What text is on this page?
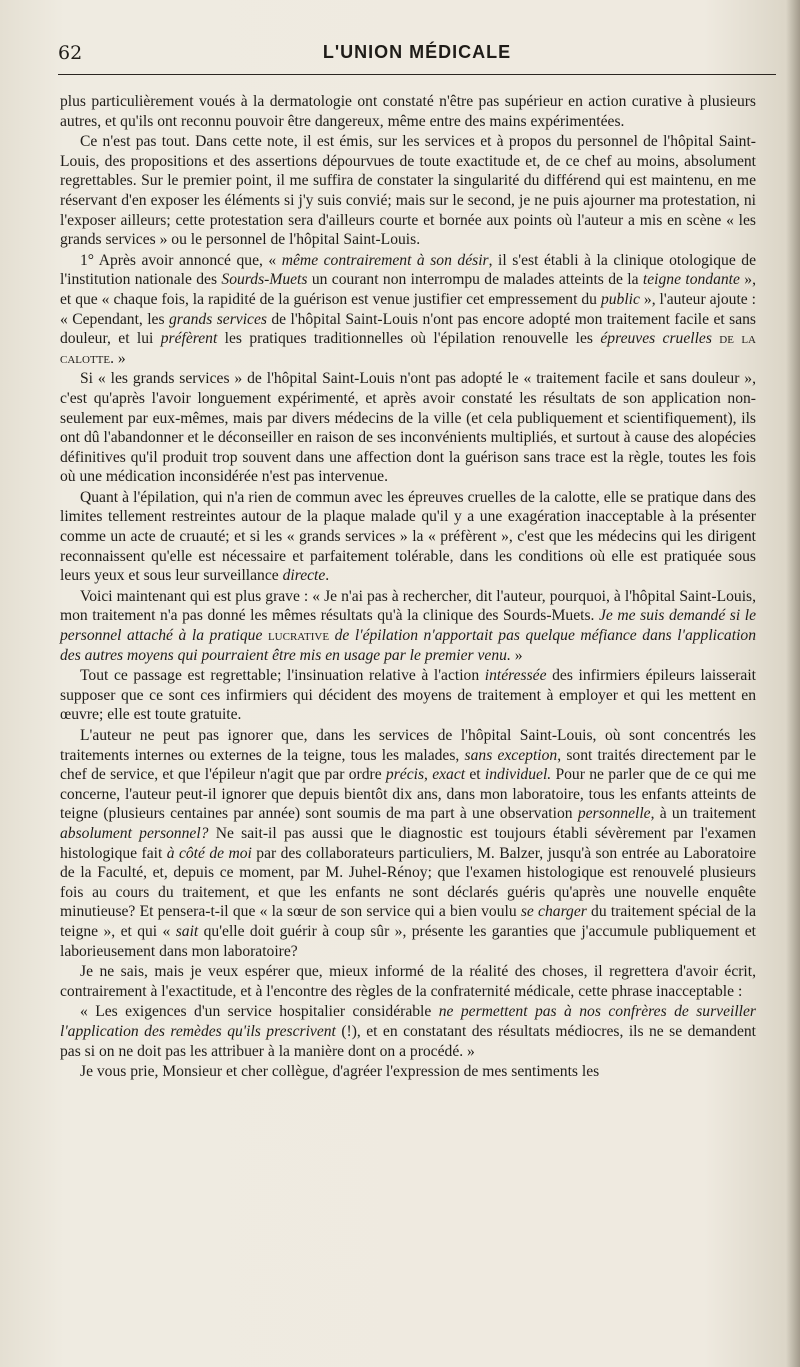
62	L'UNION MÉDICALE

plus particulièrement voués à la dermatologie ont constaté n'être pas supérieur en action curative à plusieurs autres, et qu'ils ont reconnu pouvoir être dangereux, même entre des mains expérimentées.

Ce n'est pas tout. Dans cette note, il est émis, sur les services et à propos du personnel de l'hôpital Saint-Louis, des propositions et des assertions dépourvues de toute exactitude et, de ce chef au moins, absolument regrettables. Sur le premier point, il me suffira de constater la singularité du différend qui est maintenu, en me réservant d'en exposer les éléments si j'y suis convié; mais sur le second, je ne puis ajourner ma protestation, ni l'exposer ailleurs; cette protestation sera d'ailleurs courte et bornée aux points où l'auteur a mis en scène « les grands services » ou le personnel de l'hôpital Saint-Louis.

1° Après avoir annoncé que, « même contrairement à son désir, il s'est établi à la clinique otologique de l'institution nationale des Sourds-Muets un courant non interrompu de malades atteints de la teigne tondante », et que « chaque fois, la rapidité de la guérison est venue justifier cet empressement du public », l'auteur ajoute : « Cependant, les grands services de l'hôpital Saint-Louis n'ont pas encore adopté mon traitement facile et sans douleur, et lui préfèrent les pratiques traditionnelles où l'épilation renouvelle les épreuves cruelles de la calotte. »

Si « les grands services » de l'hôpital Saint-Louis n'ont pas adopté le « traitement facile et sans douleur », c'est qu'après l'avoir longuement expérimenté, et après avoir constaté les résultats de son application non-seulement par eux-mêmes, mais par divers médecins de la ville (et cela publiquement et scientifiquement), ils ont dû l'abandonner et le déconseiller en raison de ses inconvénients multipliés, et surtout à cause des alopécies définitives qu'il produit trop souvent dans une affection dont la guérison sans trace est la règle, toutes les fois où une médication inconsidérée n'est pas intervenue.

Quant à l'épilation, qui n'a rien de commun avec les épreuves cruelles de la calotte, elle se pratique dans des limites tellement restreintes autour de la plaque malade qu'il y a une exagération inacceptable à la présenter comme un acte de cruauté; et si les « grands services » la « préfèrent », c'est que les médecins qui les dirigent reconnaissent qu'elle est nécessaire et parfaitement tolérable, dans les conditions où elle est pratiquée sous leurs yeux et sous leur surveillance directe.

Voici maintenant qui est plus grave : « Je n'ai pas à rechercher, dit l'auteur, pourquoi, à l'hôpital Saint-Louis, mon traitement n'a pas donné les mêmes résultats qu'à la clinique des Sourds-Muets. Je me suis demandé si le personnel attaché à la pratique lucrative de l'épilation n'apportait pas quelque méfiance dans l'application des autres moyens qui pourraient être mis en usage par le premier venu. »

Tout ce passage est regrettable; l'insinuation relative à l'action intéressée des infirmiers épileurs laisserait supposer que ce sont ces infirmiers qui décident des moyens de traitement à employer et qui les mettent en œuvre; elle est toute gratuite.

L'auteur ne peut pas ignorer que, dans les services de l'hôpital Saint-Louis, où sont concentrés les traitements internes ou externes de la teigne, tous les malades, sans exception, sont traités directement par le chef de service, et que l'épileur n'agit que par ordre précis, exact et individuel. Pour ne parler que de ce qui me concerne, l'auteur peut-il ignorer que depuis bientôt dix ans, dans mon laboratoire, tous les enfants atteints de teigne (plusieurs centaines par année) sont soumis de ma part à une observation personnelle, à un traitement absolument personnel? Ne sait-il pas aussi que le diagnostic est toujours établi sévèrement par l'examen histologique fait à côté de moi par des collaborateurs particuliers, M. Balzer, jusqu'à son entrée au Laboratoire de la Faculté, et, depuis ce moment, par M. Juhel-Rénoy; que l'examen histologique est renouvelé plusieurs fois au cours du traitement, et que les enfants ne sont déclarés guéris qu'après une nouvelle enquête minutieuse? Et pensera-t-il que « la sœur de son service qui a bien voulu se charger du traitement spécial de la teigne », et qui « sait qu'elle doit guérir à coup sûr », présente les garanties que j'accumule publiquement et laborieusement dans mon laboratoire?

Je ne sais, mais je veux espérer que, mieux informé de la réalité des choses, il regrettera d'avoir écrit, contrairement à l'exactitude, et à l'encontre des règles de la confraternité médicale, cette phrase inacceptable :

« Les exigences d'un service hospitalier considérable ne permettent pas à nos confrères de surveiller l'application des remèdes qu'ils prescrivent (!), et en constatant des résultats médiocres, ils ne se demandent pas si on ne doit pas les attribuer à la manière dont on a procédé. »

Je vous prie, Monsieur et cher collègue, d'agréer l'expression de mes sentiments les
